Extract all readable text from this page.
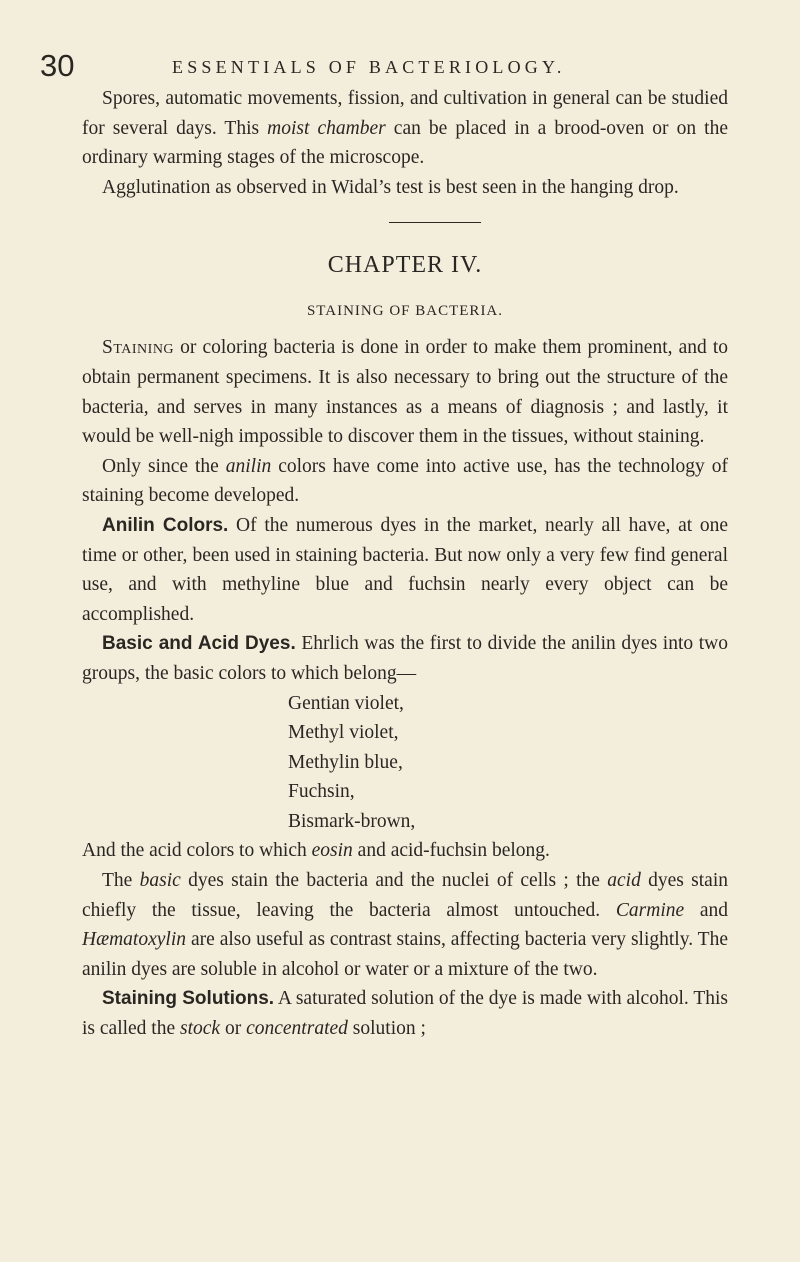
30	ESSENTIALS OF BACTERIOLOGY.

Spores, automatic movements, fission, and cultivation in general can be studied for several days. This moist chamber can be placed in a brood-oven or on the ordinary warming stages of the microscope.

Agglutination as observed in Widal’s test is best seen in the hanging drop.

CHAPTER IV.
STAINING OF BACTERIA.

Staining or coloring bacteria is done in order to make them prominent, and to obtain permanent specimens. It is also necessary to bring out the structure of the bacteria, and serves in many instances as a means of diagnosis ; and lastly, it would be well-nigh impossible to discover them in the tissues, without staining.

Only since the anilin colors have come into active use, has the technology of staining become developed.

Anilin Colors. Of the numerous dyes in the market, nearly all have, at one time or other, been used in staining bacteria. But now only a very few find general use, and with methyline blue and fuchsin nearly every object can be accomplished.

Basic and Acid Dyes. Ehrlich was the first to divide the anilin dyes into two groups, the basic colors to which belong—

Gentian violet,
Methyl violet,
Methylin blue,
Fuchsin,
Bismark-brown,

And the acid colors to which eosin and acid-fuchsin belong.

The basic dyes stain the bacteria and the nuclei of cells ; the acid dyes stain chiefly the tissue, leaving the bacteria almost untouched. Carmine and Hæmatoxylin are also useful as contrast stains, affecting bacteria very slightly. The anilin dyes are soluble in alcohol or water or a mixture of the two.

Staining Solutions. A saturated solution of the dye is made with alcohol. This is called the stock or concentrated solution ;
